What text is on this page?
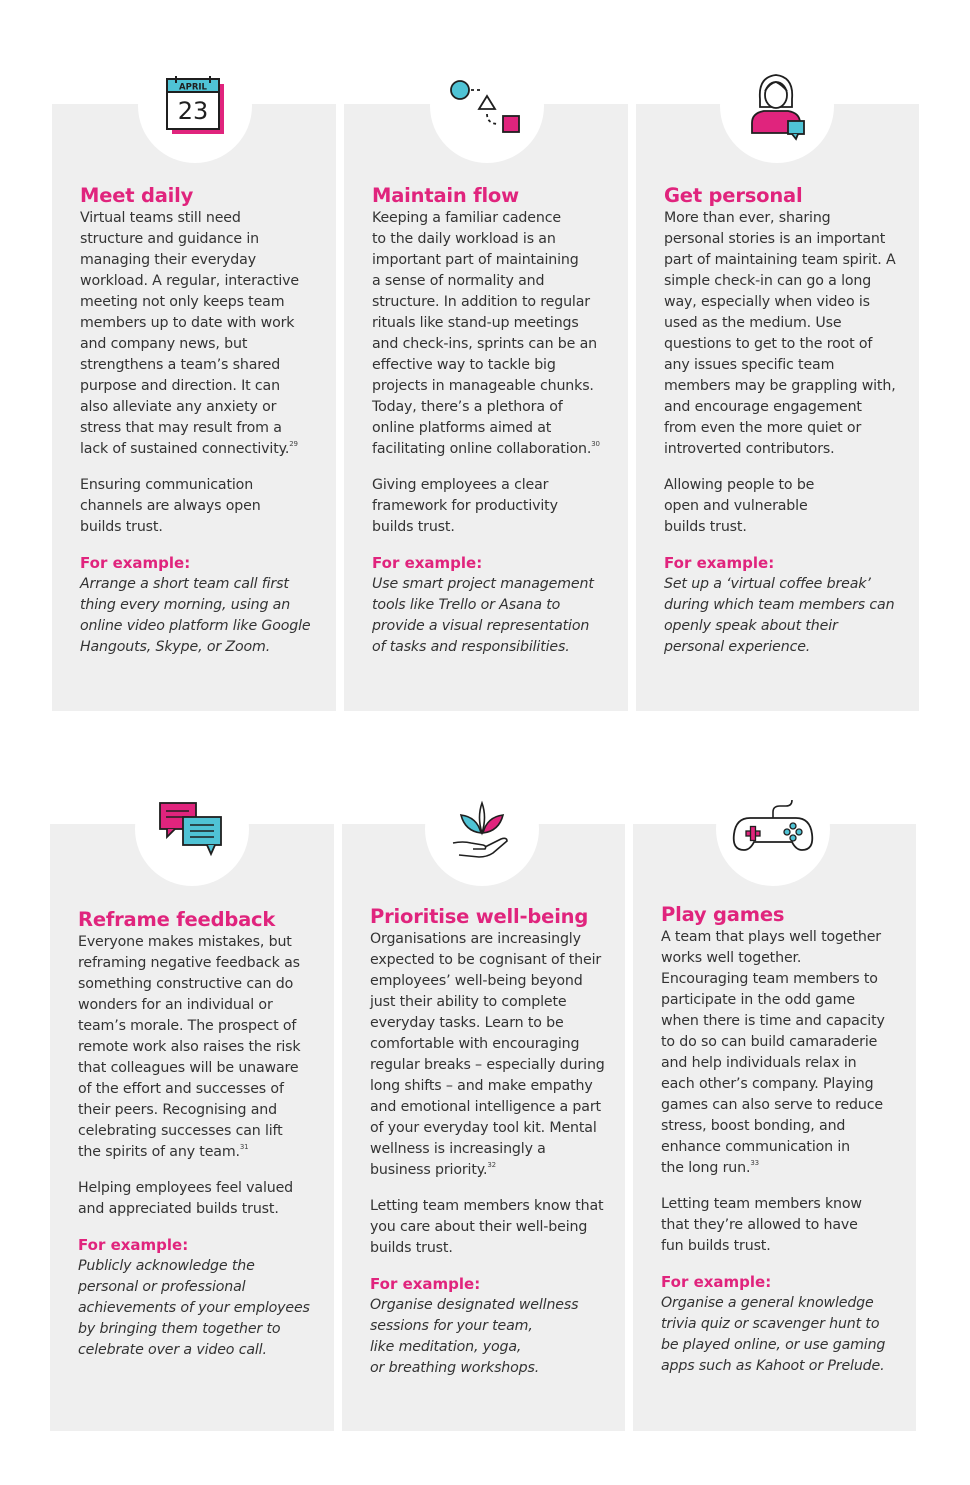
APRIL
23
Meet daily

Virtual teams still need
structure and guidance in
managing their everyday
workload. A regular, interactive
meeting not only keeps team
members up to date with work
and company news, but
strengthens a team’s shared
purpose and direction. It can
also alleviate any anxiety or
stress that may result from a
lack of sustained connectivity.$^{29}$

Ensuring communication
channels are always open
builds trust.

For example:

Arrange a short team call first
thing every morning, using an
online video platform like Google
Hangouts, Skype, or Zoom.

Maintain flow

Keeping a familiar cadence
to the daily workload is an
important part of maintaining
a sense of normality and
structure. In addition to regular
rituals like stand-up meetings
and check-ins, sprints can be an
effective way to tackle big
projects in manageable chunks.
Today, there’s a plethora of
online platforms aimed at
facilitating online collaboration.$^{30}$

Giving employees a clear
framework for productivity
builds trust.

For example:

Use smart project management
tools like Trello or Asana to
provide a visual representation
of tasks and responsibilities.

Get personal

More than ever, sharing
personal stories is an important
part of maintaining team spirit. A
simple check-in can go a long
way, especially when video is
used as the medium. Use
questions to get to the root of
any issues specific team
members may be grappling with,
and encourage engagement
from even the more quiet or
introverted contributors.

Allowing people to be
open and vulnerable
builds trust.

For example:

Set up a ‘virtual coffee break’
during which team members can
openly speak about their
personal experience.

Reframe feedback

Everyone makes mistakes, but
reframing negative feedback as
something constructive can do
wonders for an individual or
team’s morale. The prospect of
remote work also raises the risk
that colleagues will be unaware
of the effort and successes of
their peers. Recognising and
celebrating successes can lift
the spirits of any team.$^{31}$

Helping employees feel valued
and appreciated builds trust.

For example:

Publicly acknowledge the
personal or professional
achievements of your employees
by bringing them together to
celebrate over a video call.

Prioritise well-being

Organisations are increasingly
expected to be cognisant of their
employees’ well-being beyond
just their ability to complete
everyday tasks. Learn to be
comfortable with encouraging
regular breaks – especially during
long shifts – and make empathy
and emotional intelligence a part
of your everyday tool kit. Mental
wellness is increasingly a
business priority.$^{32}$

Letting team members know that
you care about their well-being
builds trust.

For example:

Organise designated wellness
sessions for your team,
like meditation, yoga,
or breathing workshops.

Play games

A team that plays well together
works well together.
Encouraging team members to
participate in the odd game
when there is time and capacity
to do so can build camaraderie
and help individuals relax in
each other’s company. Playing
games can also serve to reduce
stress, boost bonding, and
enhance communication in
the long run.$^{33}$

Letting team members know
that they’re allowed to have
fun builds trust.

For example:

Organise a general knowledge
trivia quiz or scavenger hunt to
be played online, or use gaming
apps such as Kahoot or Prelude.
